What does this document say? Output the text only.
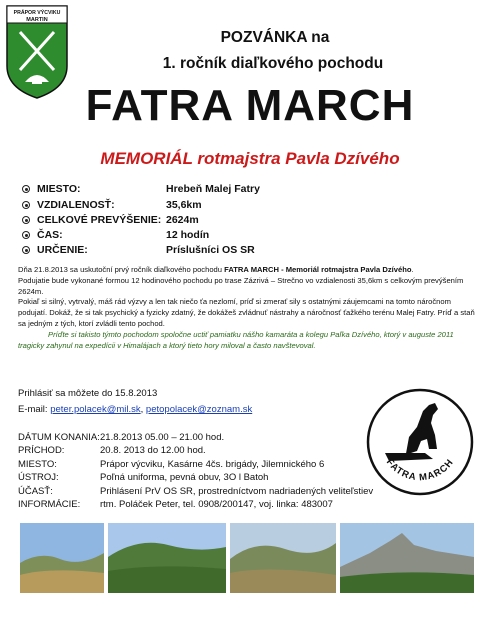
PRÁPOR VÝCVIKU
MARTIN
POZVÁNKA na
1. ročník diaľkového pochodu
FATRA MARCH
MEMORIÁL rotmajstra Pavla Dzívého
MIESTO:	Hrebeň Malej Fatry
VZDIALENOSŤ:	35,6km
CELKOVÉ PREVÝŠENIE: 2624m
ČAS:	12 hodín
URČENIE:	Príslušníci OS SR

Dňa 21.8.2013 sa uskutoční prvý ročník diaľkového pochodu FATRA MARCH - Memoriál rotmajstra Pavla Dzívého.

Podujatie bude vykonané formou 12 hodinového pochodu po trase Zázrivá – Strečno vo vzdialenosti 35,6km s celkovým prevýšením 2624m.

Pokiaľ si silný, vytrvalý, máš rád výzvy a len tak niečo ťa nezlomí, príď si zmerať sily s ostatnými záujemcami na tomto náročnom podujatí. Dokáž, že si tak psychický a fyzicky zdatný, že dokážeš zvládnuť nástrahy a náročnosť ťažkého terénu Malej Fatry. Príď a staň sa jedným z tých, ktorí zvládli tento pochod.

Príďte si takisto týmto pochodom spoločne uctiť pamiatku nášho kamaráta a kolegu Paľka Dzívého, ktorý v auguste 2011 tragicky zahynul na expedícii v Himalájach a ktorý tieto hory miloval a často navštevoval.

Prihlásiť sa môžete do 15.8.2013
E-mail: peter.polacek@mil.sk, petopolacek@zoznam.sk
DÁTUM KONANIA: 21.8.2013 05.00 – 21.00 hod.
PRÍCHOD:	20.8. 2013 do 12.00 hod.
MIESTO:	Prápor výcviku, Kasárne 4čs. brigády, Jilemnického 6
ÚSTROJ:	Poľná uniforma, pevná obuv, 3O l Batoh
ÚČASŤ:	Prihlásení PrV OS SR, prostredníctvom nadriadených veliteľstiev
INFORMÁCIE: rtm. Poláček Peter, tel. 0908/200147, voj. linka: 483007
FATRA MARCH
